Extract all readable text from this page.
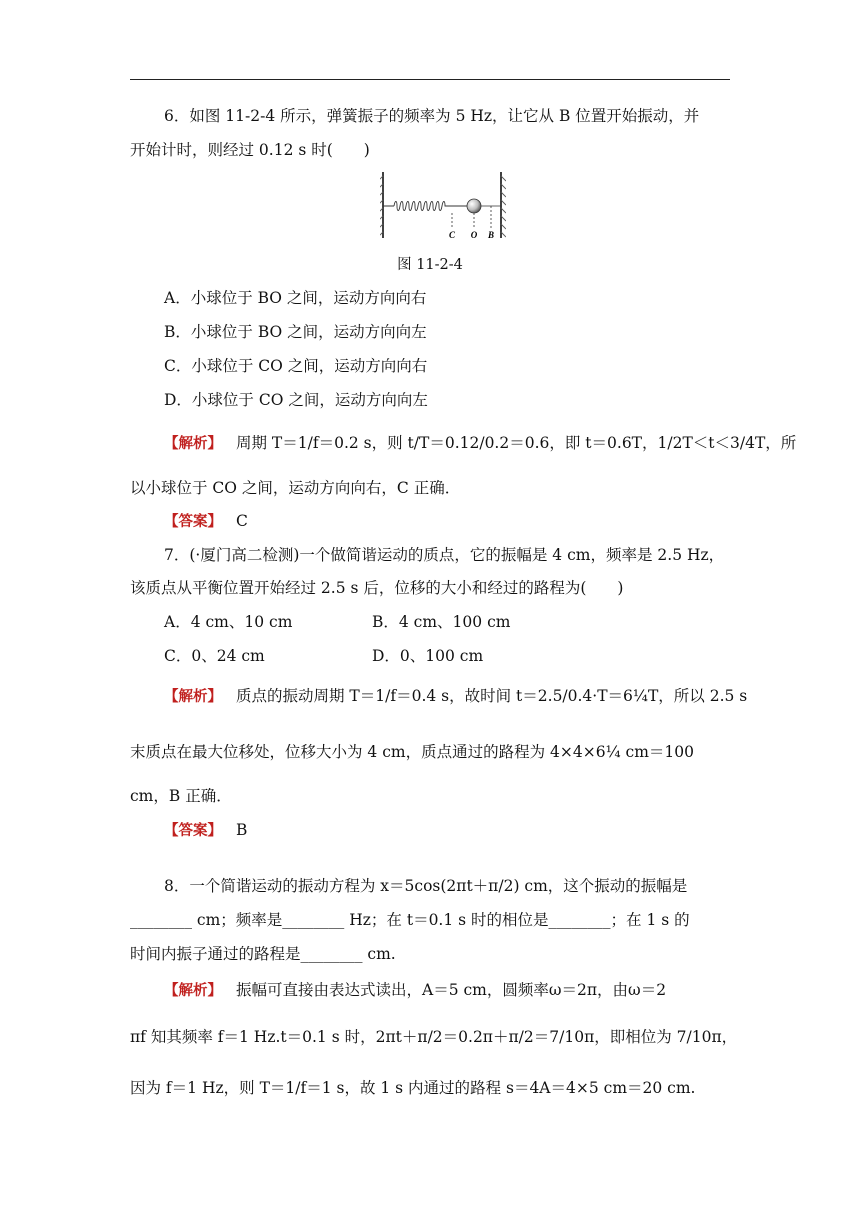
6．如图 11-2-4 所示，弹簧振子的频率为 5 Hz，让它从 B 位置开始振动，并
开始计时，则经过 0.12 s 时(　　)
C O B
图 11-2-4
A．小球位于 BO 之间，运动方向向右
B．小球位于 BO 之间，运动方向向左
C．小球位于 CO 之间，运动方向向右
D．小球位于 CO 之间，运动方向向左
【解析】 周期 T＝1/f＝0.2 s，则 t/T＝0.12/0.2＝0.6，即 t＝0.6T，1/2T＜t＜3/4T，所
以小球位于 CO 之间，运动方向向右，C 正确．
【答案】 C
7．(·厦门高二检测)一个做简谐运动的质点，它的振幅是 4 cm，频率是 2.5 Hz，
该质点从平衡位置开始经过 2.5 s 后，位移的大小和经过的路程为(　　)
A．4 cm、10 cm	B．4 cm、100 cm
C．0、24 cm	D．0、100 cm
【解析】 质点的振动周期 T＝1/f＝0.4 s，故时间 t＝2.5/0.4·T＝6¼T，所以 2.5 s
末质点在最大位移处，位移大小为 4 cm，质点通过的路程为 4×4×6¼ cm＝100
cm，B 正确．
【答案】 B
8．一个简谐运动的振动方程为 x＝5cos(2πt＋π/2) cm，这个振动的振幅是
________ cm；频率是________ Hz；在 t＝0.1 s 时的相位是________；在 1 s 的
时间内振子通过的路程是________ cm.
【解析】 振幅可直接由表达式读出，A＝5 cm，圆频率ω＝2π，由ω＝2
πf 知其频率 f＝1 Hz.t＝0.1 s 时，2πt＋π/2＝0.2π＋π/2＝7/10π，即相位为 7/10π，
因为 f＝1 Hz，则 T＝1/f＝1 s，故 1 s 内通过的路程 s＝4A＝4×5 cm＝20 cm.
